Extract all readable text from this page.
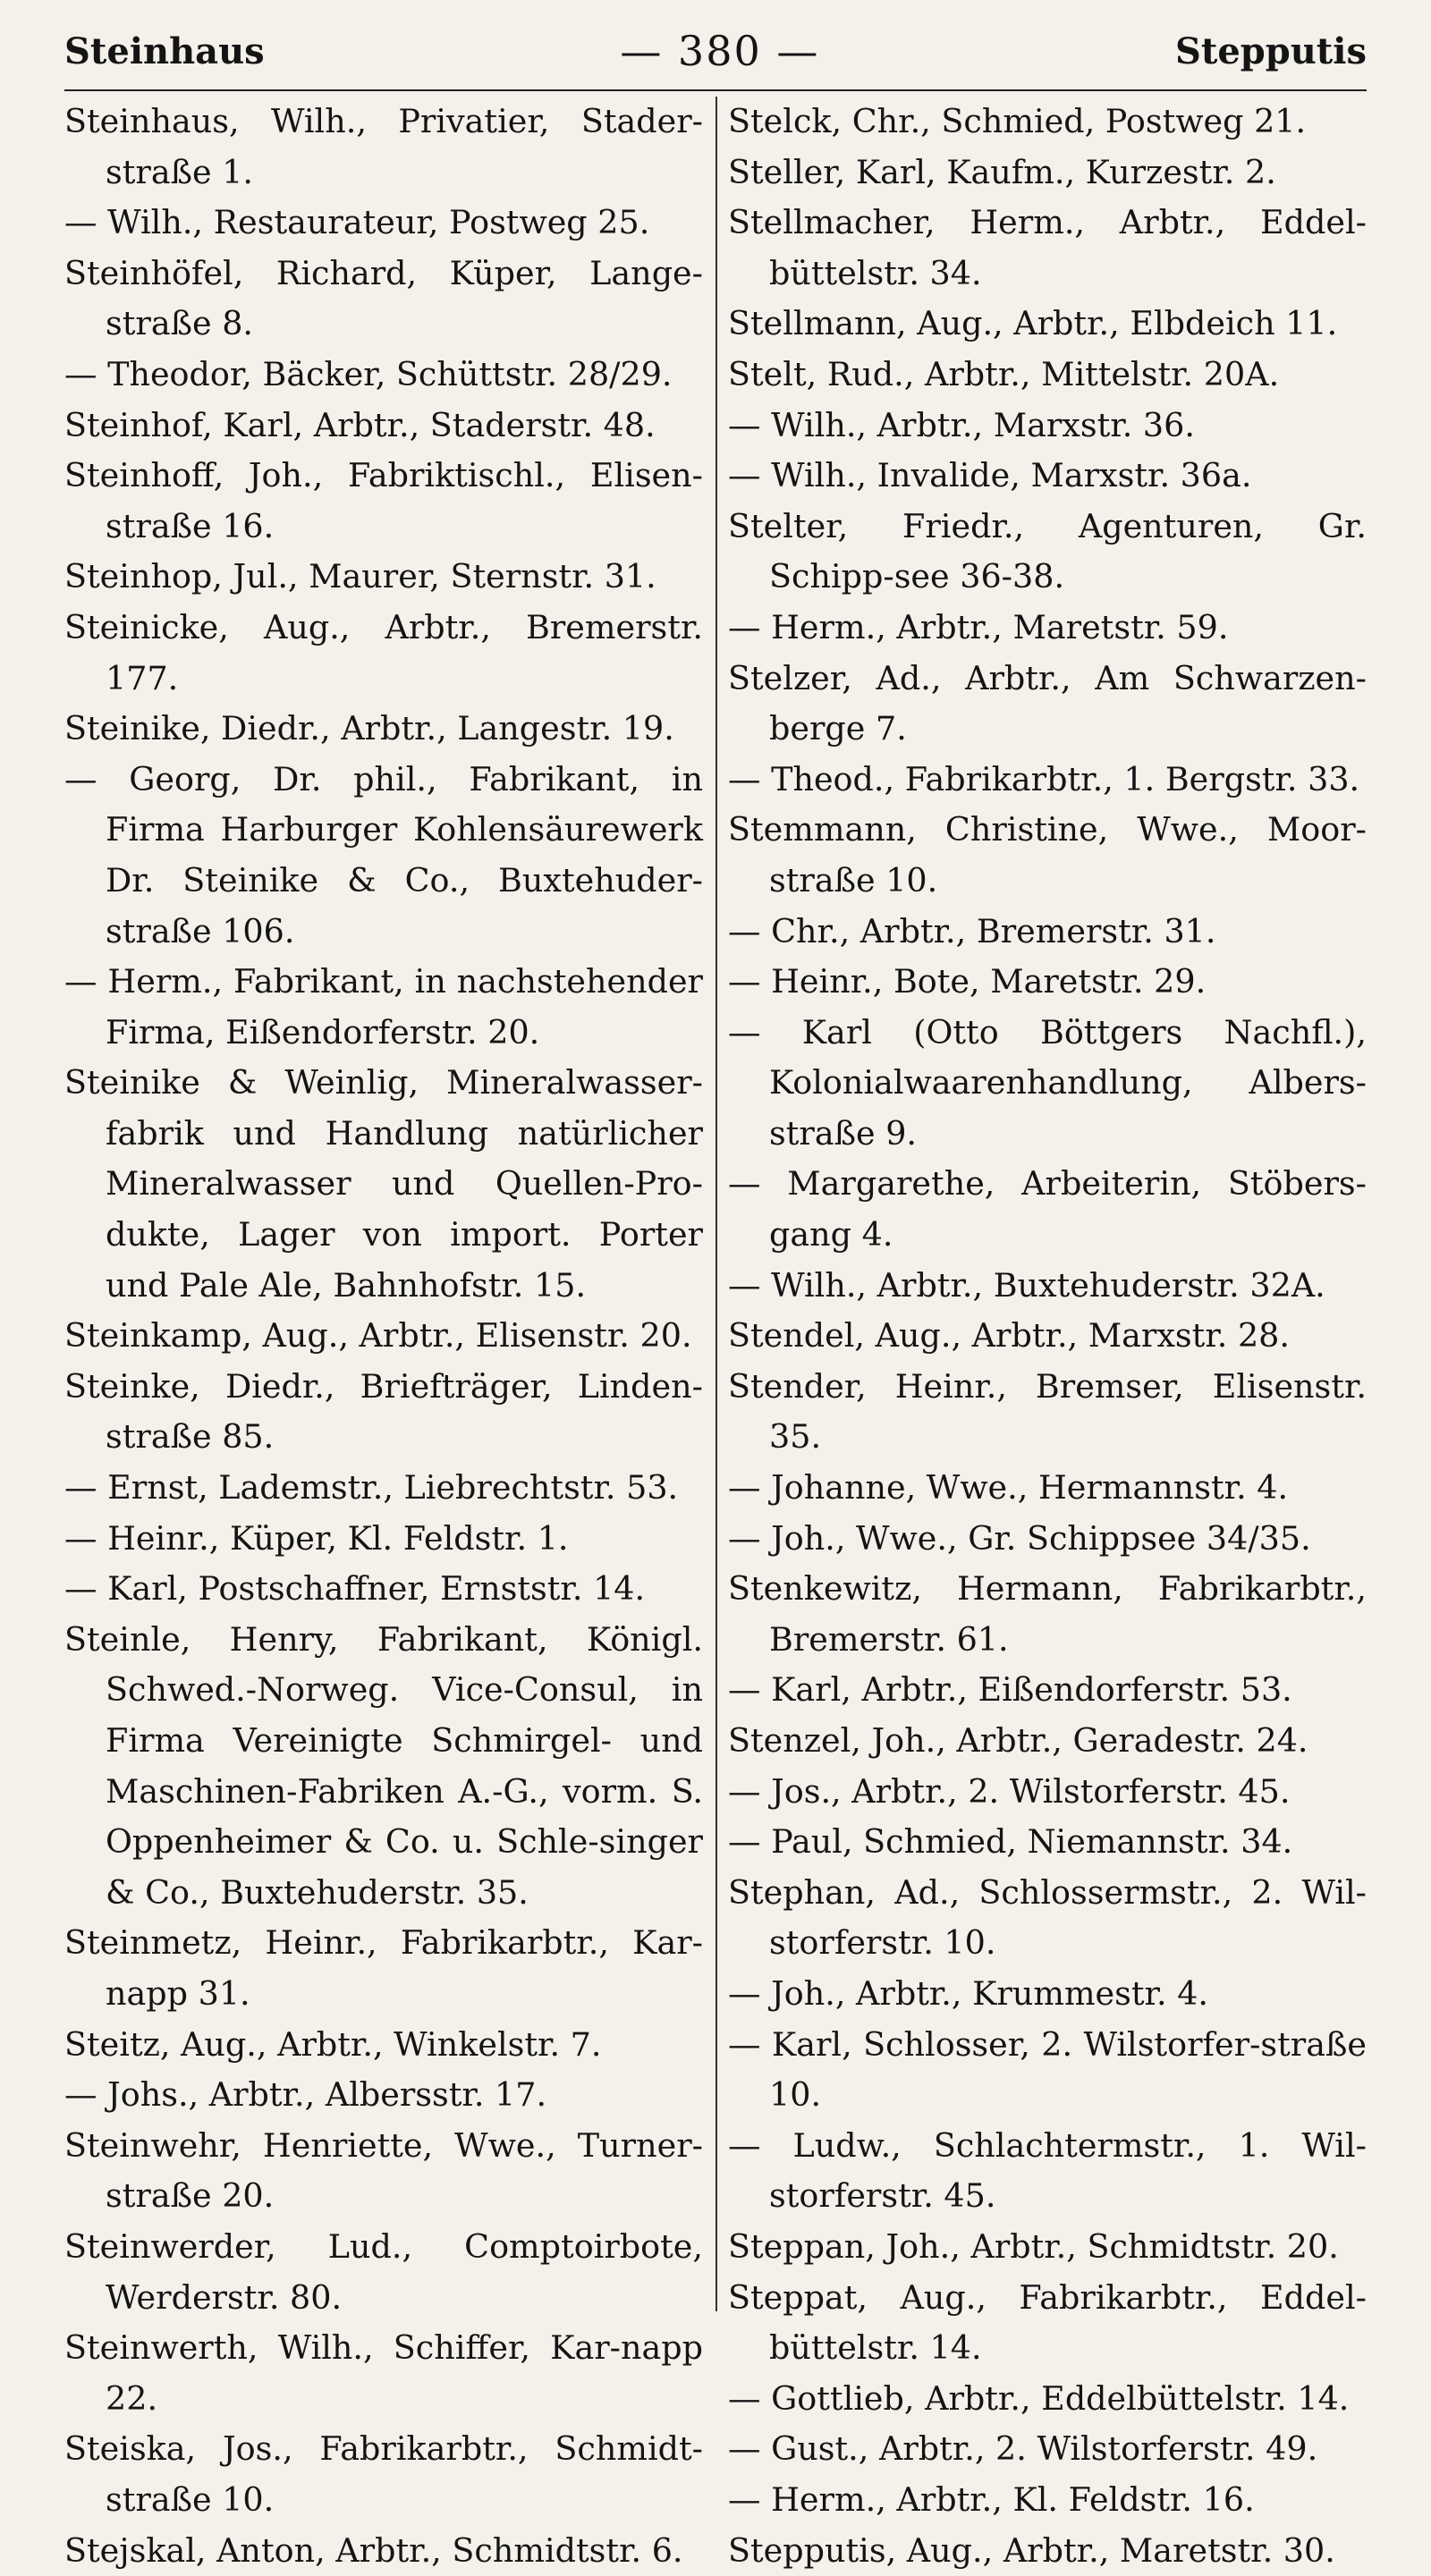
Steinhaus	— 380 —	Stepputis
Steinhaus, Wilh., Privatier, Stader-straße 1.
— Wilh., Restaurateur, Postweg 25.
Steinhöfel, Richard, Küper, Lange-straße 8.
— Theodor, Bäcker, Schüttstr. 28/29.
Steinhof, Karl, Arbtr., Staderstr. 48.
Steinhoff, Joh., Fabriktischl., Elisen-straße 16.
Steinhop, Jul., Maurer, Sternstr. 31.
Steinicke, Aug., Arbtr., Bremerstr. 177.
Steinike, Diedr., Arbtr., Langestr. 19.
— Georg, Dr. phil., Fabrikant, in Firma Harburger Kohlensäurewerk Dr. Steinike & Co., Buxtehuder-straße 106.
— Herm., Fabrikant, in nachstehender Firma, Eißendorferstr. 20.
Steinike & Weinlig, Mineralwasser-fabrik und Handlung natürlicher Mineralwasser und Quellen-Pro-dukte, Lager von import. Porter und Pale Ale, Bahnhofstr. 15.
Steinkamp, Aug., Arbtr., Elisenstr. 20.
Steinke, Diedr., Briefträger, Linden-straße 85.
— Ernst, Lademstr., Liebrechtstr. 53.
— Heinr., Küper, Kl. Feldstr. 1.
— Karl, Postschaffner, Ernststr. 14.
Steinle, Henry, Fabrikant, Königl. Schwed.-Norweg. Vice-Consul, in Firma Vereinigte Schmirgel- und Maschinen-Fabriken A.-G., vorm. S. Oppenheimer & Co. u. Schle-singer & Co., Buxtehuderstr. 35.
Steinmetz, Heinr., Fabrikarbtr., Kar-napp 31.
Steitz, Aug., Arbtr., Winkelstr. 7.
— Johs., Arbtr., Albersstr. 17.
Steinwehr, Henriette, Wwe., Turner-straße 20.
Steinwerder, Lud., Comptoirbote, Werderstr. 80.
Steinwerth, Wilh., Schiffer, Kar-napp 22.
Steiska, Jos., Fabrikarbtr., Schmidt-straße 10.
Stejskal, Anton, Arbtr., Schmidtstr. 6.
Stelck, Chr., Schmied, Postweg 21.
Steller, Karl, Kaufm., Kurzestr. 2.
Stellmacher, Herm., Arbtr., Eddel-büttelstr. 34.
Stellmann, Aug., Arbtr., Elbdeich 11.
Stelt, Rud., Arbtr., Mittelstr. 20A.
— Wilh., Arbtr., Marxstr. 36.
— Wilh., Invalide, Marxstr. 36a.
Stelter, Friedr., Agenturen, Gr. Schipp-see 36-38.
— Herm., Arbtr., Maretstr. 59.
Stelzer, Ad., Arbtr., Am Schwarzen-berge 7.
— Theod., Fabrikarbtr., 1. Bergstr. 33.
Stemmann, Christine, Wwe., Moor-straße 10.
— Chr., Arbtr., Bremerstr. 31.
— Heinr., Bote, Maretstr. 29.
— Karl (Otto Böttgers Nachfl.), Kolonialwaarenhandlung, Albers-straße 9.
— Margarethe, Arbeiterin, Stöbers-gang 4.
— Wilh., Arbtr., Buxtehuderstr. 32A.
Stendel, Aug., Arbtr., Marxstr. 28.
Stender, Heinr., Bremser, Elisenstr. 35.
— Johanne, Wwe., Hermannstr. 4.
— Joh., Wwe., Gr. Schippsee 34/35.
Stenkewitz, Hermann, Fabrikarbtr., Bremerstr. 61.
— Karl, Arbtr., Eißendorferstr. 53.
Stenzel, Joh., Arbtr., Geradestr. 24.
— Jos., Arbtr., 2. Wilstorferstr. 45.
— Paul, Schmied, Niemannstr. 34.
Stephan, Ad., Schlossermstr., 2. Wil-storferstr. 10.
— Joh., Arbtr., Krummestr. 4.
— Karl, Schlosser, 2. Wilstorfer-straße 10.
— Ludw., Schlachtermstr., 1. Wil-storferstr. 45.
Steppan, Joh., Arbtr., Schmidtstr. 20.
Steppat, Aug., Fabrikarbtr., Eddel-büttelstr. 14.
— Gottlieb, Arbtr., Eddelbüttelstr. 14.
— Gust., Arbtr., 2. Wilstorferstr. 49.
— Herm., Arbtr., Kl. Feldstr. 16.
Stepputis, Aug., Arbtr., Maretstr. 30.
